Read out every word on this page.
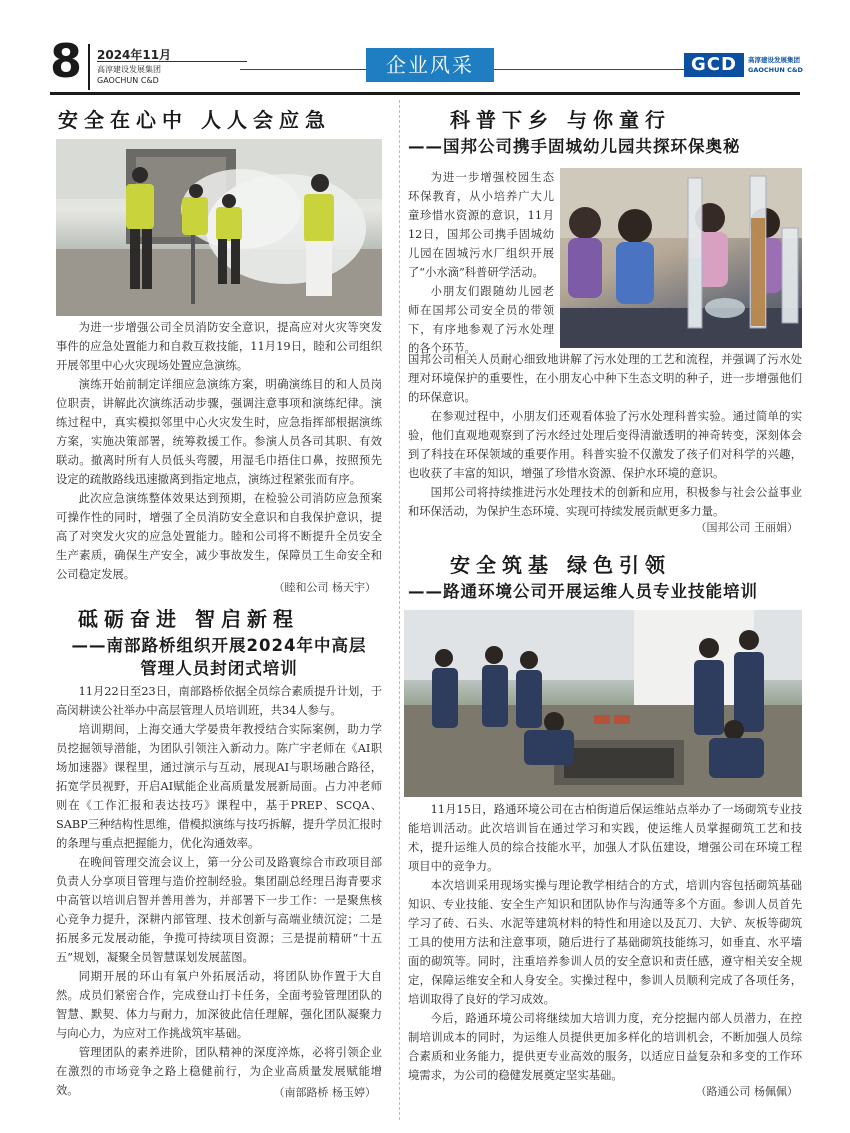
8 2024年11月
高淳建设发展集团
GAOCHUN C&D
企业风采	GCD	高淳建设发展集团
GAOCHUN C&D
安全在心中 人人会应急

为进一步增强公司全员消防安全意识，提高应对火灾等突发事件的应急处置能力和自救互救技能，11月19日，睦和公司组织开展邻里中心火灾现场处置应急演练。

演练开始前制定详细应急演练方案，明确演练目的和人员岗位职责，讲解此次演练活动步骤，强调注意事项和演练纪律。演练过程中，真实模拟邻里中心火灾发生时，应急指挥部根据演练方案，实施决策部署，统筹救援工作。参演人员各司其职、有效联动。撤离时所有人员低头弯腰，用湿毛巾捂住口鼻，按照预先设定的疏散路线迅速撤离到指定地点，演练过程紧张而有序。

此次应急演练整体效果达到预期，在检验公司消防应急预案可操作性的同时，增强了全员消防安全意识和自我保护意识，提高了对突发火灾的应急处置能力。睦和公司将不断提升全员安全生产素质，确保生产安全，减少事故发生，保障员工生命安全和公司稳定发展。

（睦和公司 杨天宇）
砥砺奋进 智启新程
——南部路桥组织开展2024年中高层
管理人员封闭式培训

11月22日至23日，南部路桥依据全员综合素质提升计划，于高闵耕读公社举办中高层管理人员培训班，共34人参与。

培训期间，上海交通大学晏贵年教授结合实际案例，助力学员挖掘领导潜能，为团队引领注入新动力。陈广宇老师在《AI职场加速器》课程里，通过演示与互动，展现AI与职场融合路径，拓宽学员视野，开启AI赋能企业高质量发展新局面。占力冲老师则在《工作汇报和表达技巧》课程中，基于PREP、SCQA、SABP三种结构性思维，借模拟演练与技巧拆解，提升学员汇报时的条理与重点把握能力，优化沟通效率。

在晚间管理交流会议上，第一分公司及路寰综合市政项目部负责人分享项目管理与造价控制经验。集团副总经理吕海青要求中高管以培训启智并善用善为，并部署下一步工作：一是聚焦核心竞争力提升，深耕内部管理、技术创新与高端业绩沉淀；二是拓展多元发展动能，争揽可持续项目资源；三是提前精研“十五五”规划，凝聚全员智慧谋划发展蓝图。

同期开展的环山有氧户外拓展活动，将团队协作置于大自然。成员们紧密合作，完成登山打卡任务，全面考验管理团队的智慧、默契、体力与耐力，加深彼此信任理解，强化团队凝聚力与向心力，为应对工作挑战筑牢基础。

管理团队的素养进阶，团队精神的深度淬炼，必将引领企业在激烈的市场竞争之路上稳健前行，为企业高质量发展赋能增效。	（南部路桥 杨玉婷）
科普下乡 与你童行
——国邦公司携手固城幼儿园共探环保奥秘

为进一步增强校园生态环保教育，从小培养广大儿童珍惜水资源的意识，11月12日，国邦公司携手固城幼儿园在固城污水厂组织开展了“小水滴”科普研学活动。

小朋友们跟随幼儿园老师在国邦公司安全员的带领下，有序地参观了污水处理的各个环节。

国邦公司相关人员耐心细致地讲解了污水处理的工艺和流程，并强调了污水处理对环境保护的重要性，在小朋友心中种下生态文明的种子，进一步增强他们的环保意识。

在参观过程中，小朋友们还观看体验了污水处理科普实验。通过简单的实验，他们直观地观察到了污水经过处理后变得清澈透明的神奇转变，深刻体会到了科技在环保领域的重要作用。科普实验不仅激发了孩子们对科学的兴趣，也收获了丰富的知识，增强了珍惜水资源、保护水环境的意识。

国邦公司将持续推进污水处理技术的创新和应用，积极参与社会公益事业和环保活动，为保护生态环境、实现可持续发展贡献更多力量。

（国邦公司 王丽娟）
安全筑基 绿色引领
——路通环境公司开展运维人员专业技能培训

11月15日，路通环境公司在古柏街道后保运维站点举办了一场砌筑专业技能培训活动。此次培训旨在通过学习和实践，使运维人员掌握砌筑工艺和技术，提升运维人员的综合技能水平，加强人才队伍建设，增强公司在环境工程项目中的竞争力。

本次培训采用现场实操与理论教学相结合的方式，培训内容包括砌筑基础知识、专业技能、安全生产知识和团队协作与沟通等多个方面。参训人员首先学习了砖、石头、水泥等建筑材料的特性和用途以及瓦刀、大铲、灰板等砌筑工具的使用方法和注意事项，随后进行了基础砌筑技能练习，如垂直、水平墙面的砌筑等。同时，注重培养参训人员的安全意识和责任感，遵守相关安全规定，保障运维安全和人身安全。实操过程中，参训人员顺利完成了各项任务，培训取得了良好的学习成效。

今后，路通环境公司将继续加大培训力度，充分挖掘内部人员潜力，在控制培训成本的同时，为运维人员提供更加多样化的培训机会，不断加强人员综合素质和业务能力，提供更专业高效的服务，以适应日益复杂和多变的工作环境需求，为公司的稳健发展奠定坚实基础。

（路通公司 杨佩佩）
